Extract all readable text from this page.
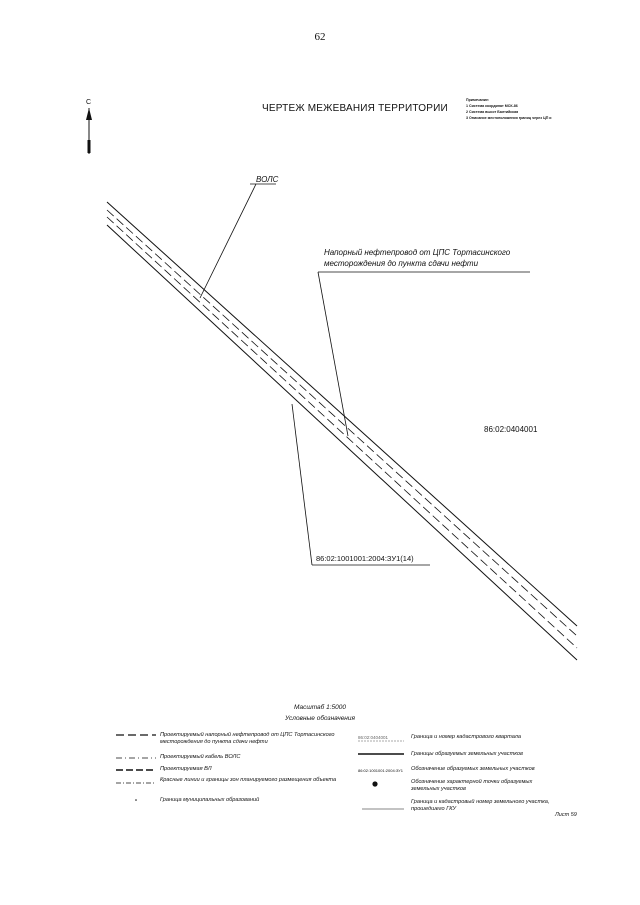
62
С
ЧЕРТЕЖ МЕЖЕВАНИЯ ТЕРРИТОРИИ
Примечание:
1 Система координат МСК-86
2 Система высот Балтийская
3 Описание местоположения границ через ЦП и
ВОЛС
Напорный нефтепровод от ЦПС Тортасинского
месторождения до пункта сдачи нефти
86:02:0404001
86:02:1001001:2004:ЗУ1(14)
Масштаб 1:5000
Условные обозначения
Проектируемый напорный нефтепровод от ЦПС Тортасинского месторождения до пункта сдачи нефти
Проектируемый кабель ВОЛС
Проектируемая ВЛ
Красные линии и границы зон планируемого размещения объекта
Граница муниципальных образований
86:02:0404001
86:02:1001001:2004:ЗУ1
Граница и номер кадастрового квартала
Границы образуемых земельных участков
Обозначение образуемых земельных участков
Обозначение характерной точки образуемых земельных участков
Граница и кадастровый номер земельного участка, прошедшего ГКУ
Лист 59
